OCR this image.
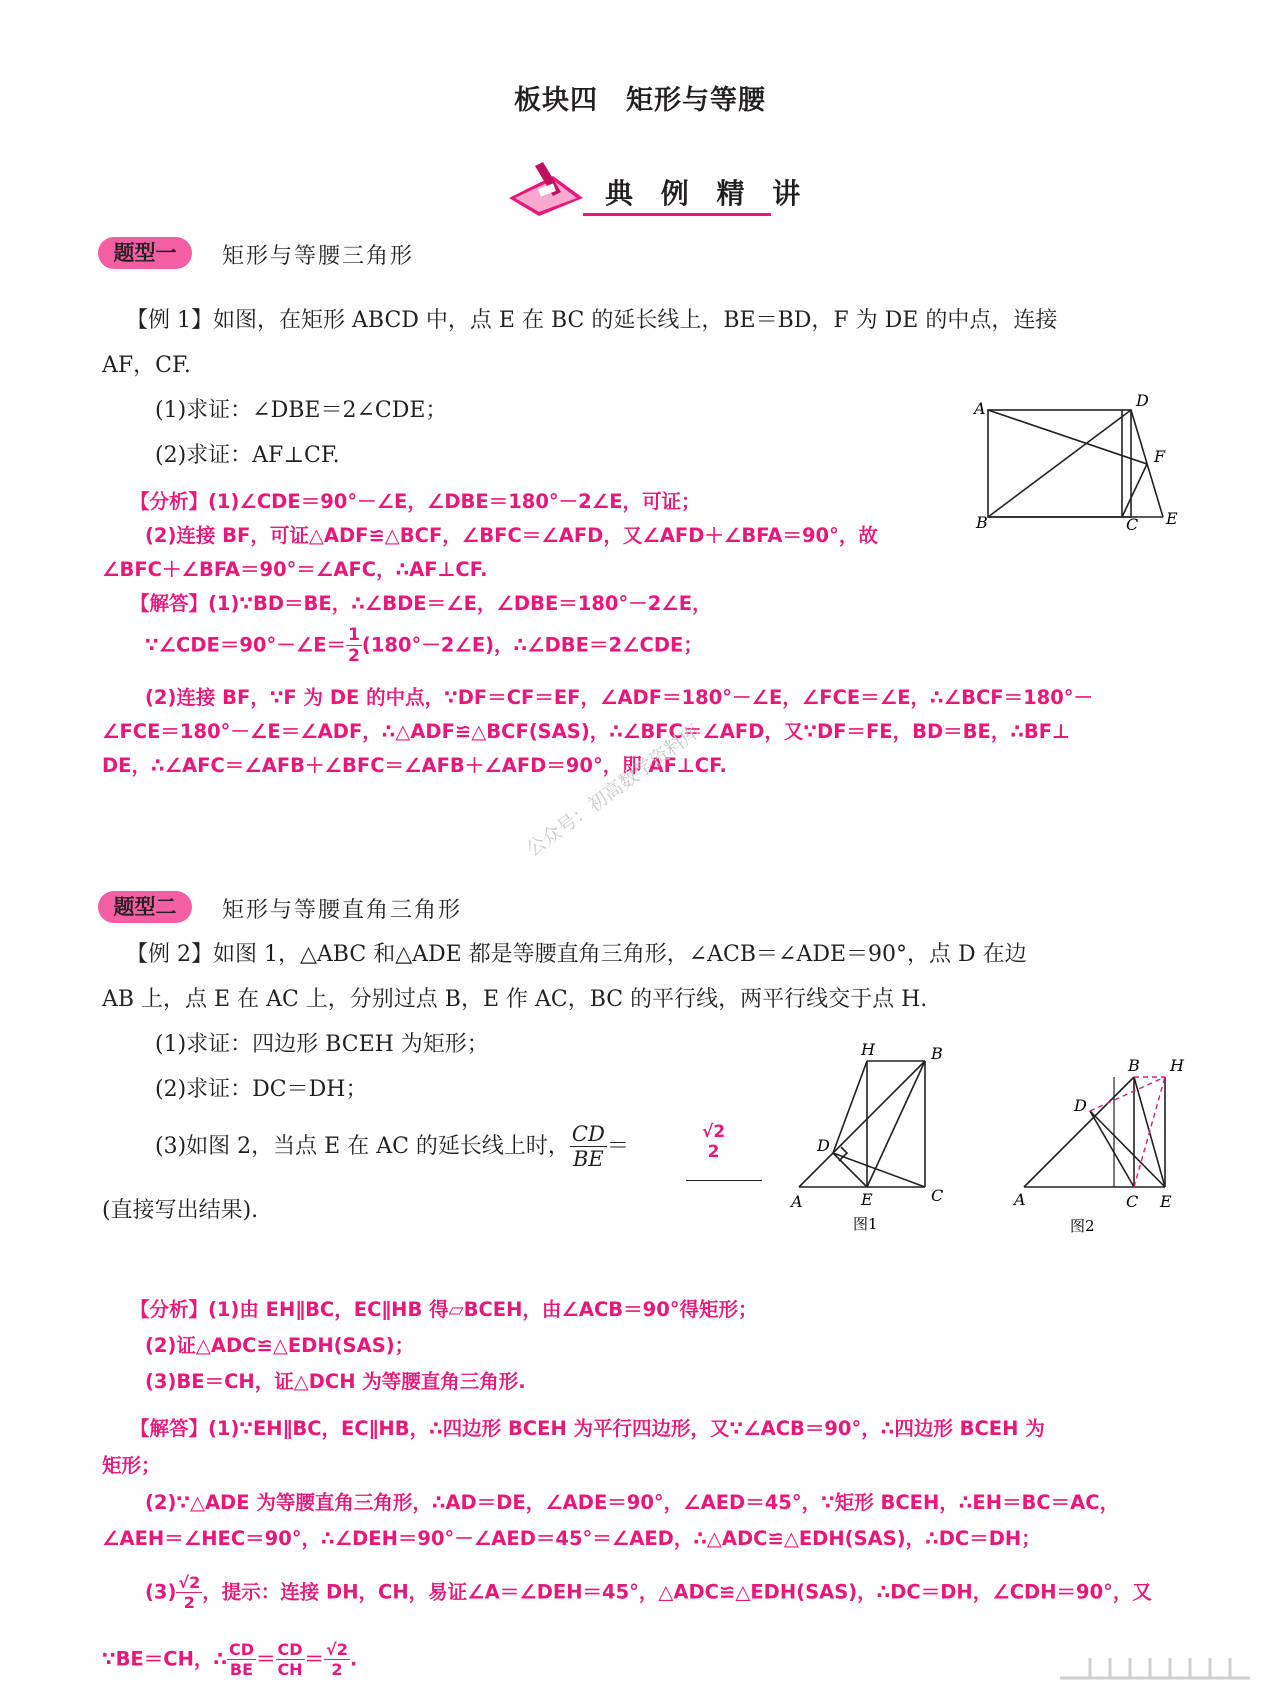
板块四　矩形与等腰
典 例 精 讲
题型一	矩形与等腰三角形
【例 1】如图，在矩形 ABCD 中，点 E 在 BC 的延长线上，BE＝BD，F 为 DE 的中点，连接
AF，CF.
(1)求证：∠DBE＝2∠CDE；
(2)求证：AF⊥CF.
A
B	C
D
E
F
【分析】(1)∠CDE＝90°－∠E，∠DBE＝180°－2∠E，可证；
(2)连接 BF，可证△ADF≌△BCF，∠BFC＝∠AFD，又∠AFD＋∠BFA＝90°，故
∠BFC＋∠BFA＝90°＝∠AFC，∴AF⊥CF.
【解答】(1)∵BD＝BE，∴∠BDE＝∠E，∠DBE＝180°－2∠E，
∵∠CDE＝90°－∠E＝ $\frac{1}{2}$ (180°－2∠E)，∴∠DBE＝2∠CDE；
(2)连接 BF，∵F 为 DE 的中点，∵DF＝CF＝EF，∠ADF＝180°－∠E，∠FCE＝∠E，∴∠BCF＝180°－
∠FCE＝180°－∠E＝∠ADF，∴△ADF≌△BCF(SAS)，∴∠BFC＝∠AFD，又∵DF＝FE，BD＝BE，∴BF⊥
DE，∴∠AFC＝∠AFB＋∠BFC＝∠AFB＋∠AFD＝90°，即 AF⊥CF.
公众号：初高数学资料库
题型二	矩形与等腰直角三角形
【例 2】如图 1，△ABC 和△ADE 都是等腰直角三角形，∠ACB＝∠ADE＝90°，点 D 在边
AB 上，点 E 在 AC 上，分别过点 B，E 作 AC，BC 的平行线，两平行线交于点 H.
(1)求证：四边形 BCEH 为矩形；
(2)求证：DC＝DH；
(3)如图 2，当点 E 在 AC 的延长线上时， $\frac{CD}{BE}$ ＝
√2
2
(直接写出结果).
H	B
D
A	E	C
图1
B H
D
A	C E
图2
【分析】(1)由 EH∥BC，EC∥HB 得▱BCEH，由∠ACB＝90°得矩形；
(2)证△ADC≌△EDH(SAS)；
(3)BE＝CH，证△DCH 为等腰直角三角形.
【解答】(1)∵EH∥BC，EC∥HB，∴四边形 BCEH 为平行四边形，又∵∠ACB＝90°，∴四边形 BCEH 为
矩形；
(2)∵△ADE 为等腰直角三角形，∴AD＝DE，∠ADE＝90°，∠AED＝45°，∵矩形 BCEH，∴EH＝BC＝AC，
∠AEH＝∠HEC＝90°，∴∠DEH＝90°－∠AED＝45°＝∠AED，∴△ADC≌△EDH(SAS)，∴DC＝DH；
$(3) \frac{√2}{2}$ ，提示：连接 DH，CH，易证∠A＝∠DEH＝45°，△ADC≌△EDH(SAS)，∴DC＝DH，∠CDH＝90°，又
∵BE＝CH，∴ $\frac{CD}{BE} = \frac{CD}{CH} = \frac{√2}{2}$ .
